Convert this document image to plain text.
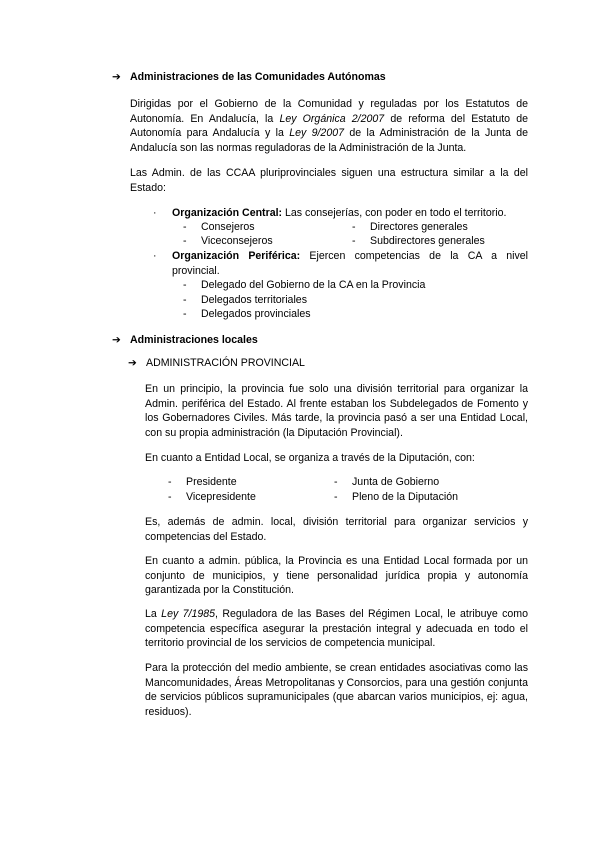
➔ Administraciones de las Comunidades Autónomas

Dirigidas por el Gobierno de la Comunidad y reguladas por los Estatutos de Autonomía. En Andalucía, la Ley Orgánica 2/2007 de reforma del Estatuto de Autonomía para Andalucía y la Ley 9/2007 de la Administración de la Junta de Andalucía son las normas reguladoras de la Administración de la Junta.

Las Admin. de las CCAA pluriprovinciales siguen una estructura similar a la del Estado:

· Organización Central: Las consejerías, con poder en todo el territorio.
- Consejeros
- Viceconsejeros
- Directores generales
- Subdirectores generales
· Organización Periférica: Ejercen competencias de la CA a nivel provincial.
- Delegado del Gobierno de la CA en la Provincia
- Delegados territoriales
- Delegados provinciales
➔ Administraciones locales
➔ ADMINISTRACIÓN PROVINCIAL

En un principio, la provincia fue solo una división territorial para organizar la Admin. periférica del Estado. Al frente estaban los Subdelegados de Fomento y los Gobernadores Civiles. Más tarde, la provincia pasó a ser una Entidad Local, con su propia administración (la Diputación Provincial).

En cuanto a Entidad Local, se organiza a través de la Diputación, con:

- Presidente
- Vicepresidente
- Junta de Gobierno
- Pleno de la Diputación

Es, además de admin. local, división territorial para organizar servicios y competencias del Estado.

En cuanto a admin. pública, la Provincia es una Entidad Local formada por un conjunto de municipios, y tiene personalidad jurídica propia y autonomía garantizada por la Constitución.

La Ley 7/1985, Reguladora de las Bases del Régimen Local, le atribuye como competencia específica asegurar la prestación integral y adecuada en todo el territorio provincial de los servicios de competencia municipal.

Para la protección del medio ambiente, se crean entidades asociativas como las Mancomunidades, Áreas Metropolitanas y Consorcios, para una gestión conjunta de servicios públicos supramunicipales (que abarcan varios municipios, ej: agua, residuos).
